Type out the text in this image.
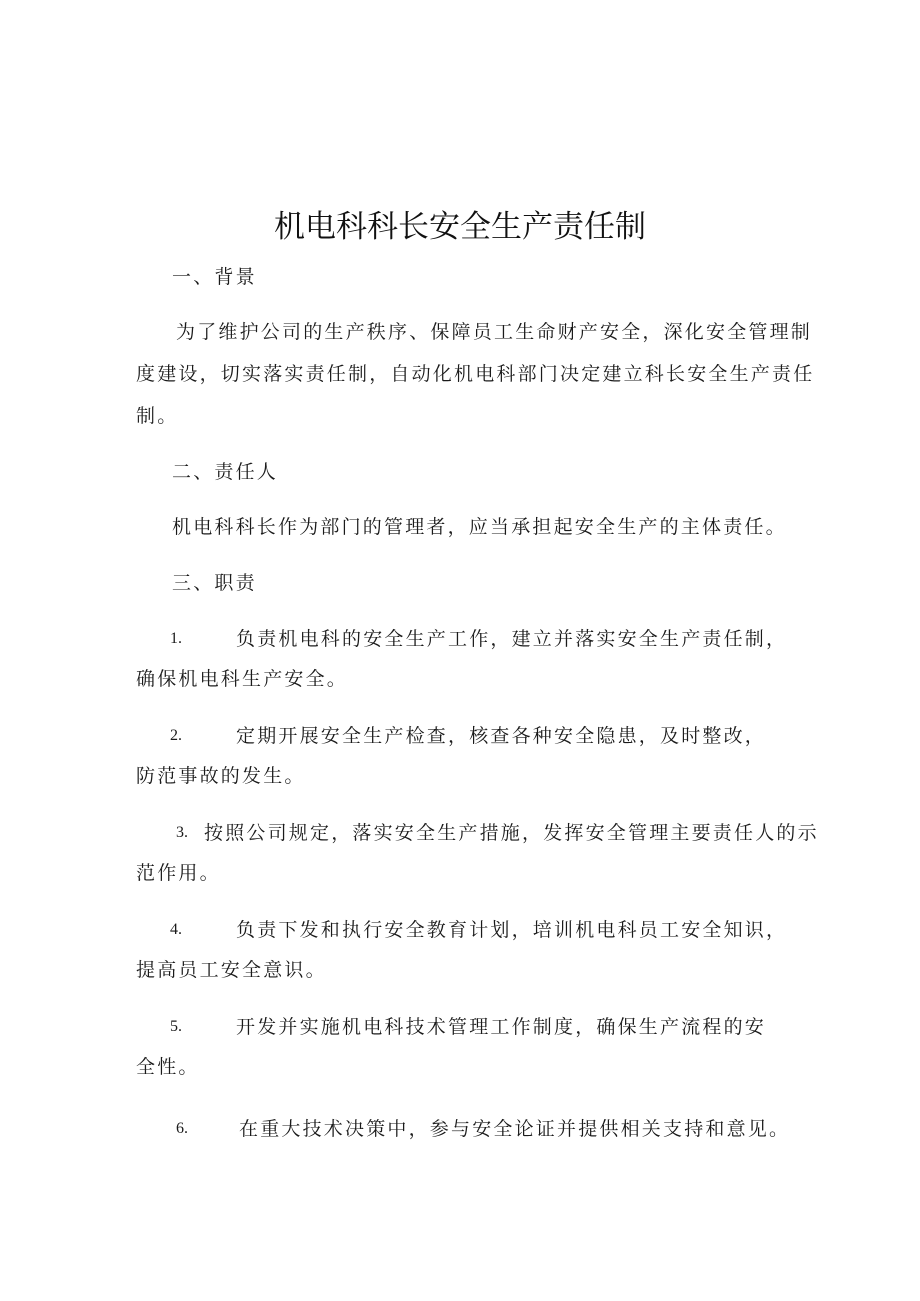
机电科科长安全生产责任制
一、背景
为了维护公司的生产秩序、保障员工生命财产安全，深化安全管理制
度建设，切实落实责任制，自动化机电科部门决定建立科长安全生产责任
制。
二、责任人
机电科科长作为部门的管理者，应当承担起安全生产的主体责任。
三、职责
1.	负责机电科的安全生产工作，建立并落实安全生产责任制，
确保机电科生产安全。
2.	定期开展安全生产检查，核查各种安全隐患，及时整改，
防范事故的发生。
3. 按照公司规定，落实安全生产措施，发挥安全管理主要责任人的示
范作用。
4.	负责下发和执行安全教育计划，培训机电科员工安全知识，
提高员工安全意识。
5.	开发并实施机电科技术管理工作制度，确保生产流程的安
全性。
6.	在重大技术决策中，参与安全论证并提供相关支持和意见。
